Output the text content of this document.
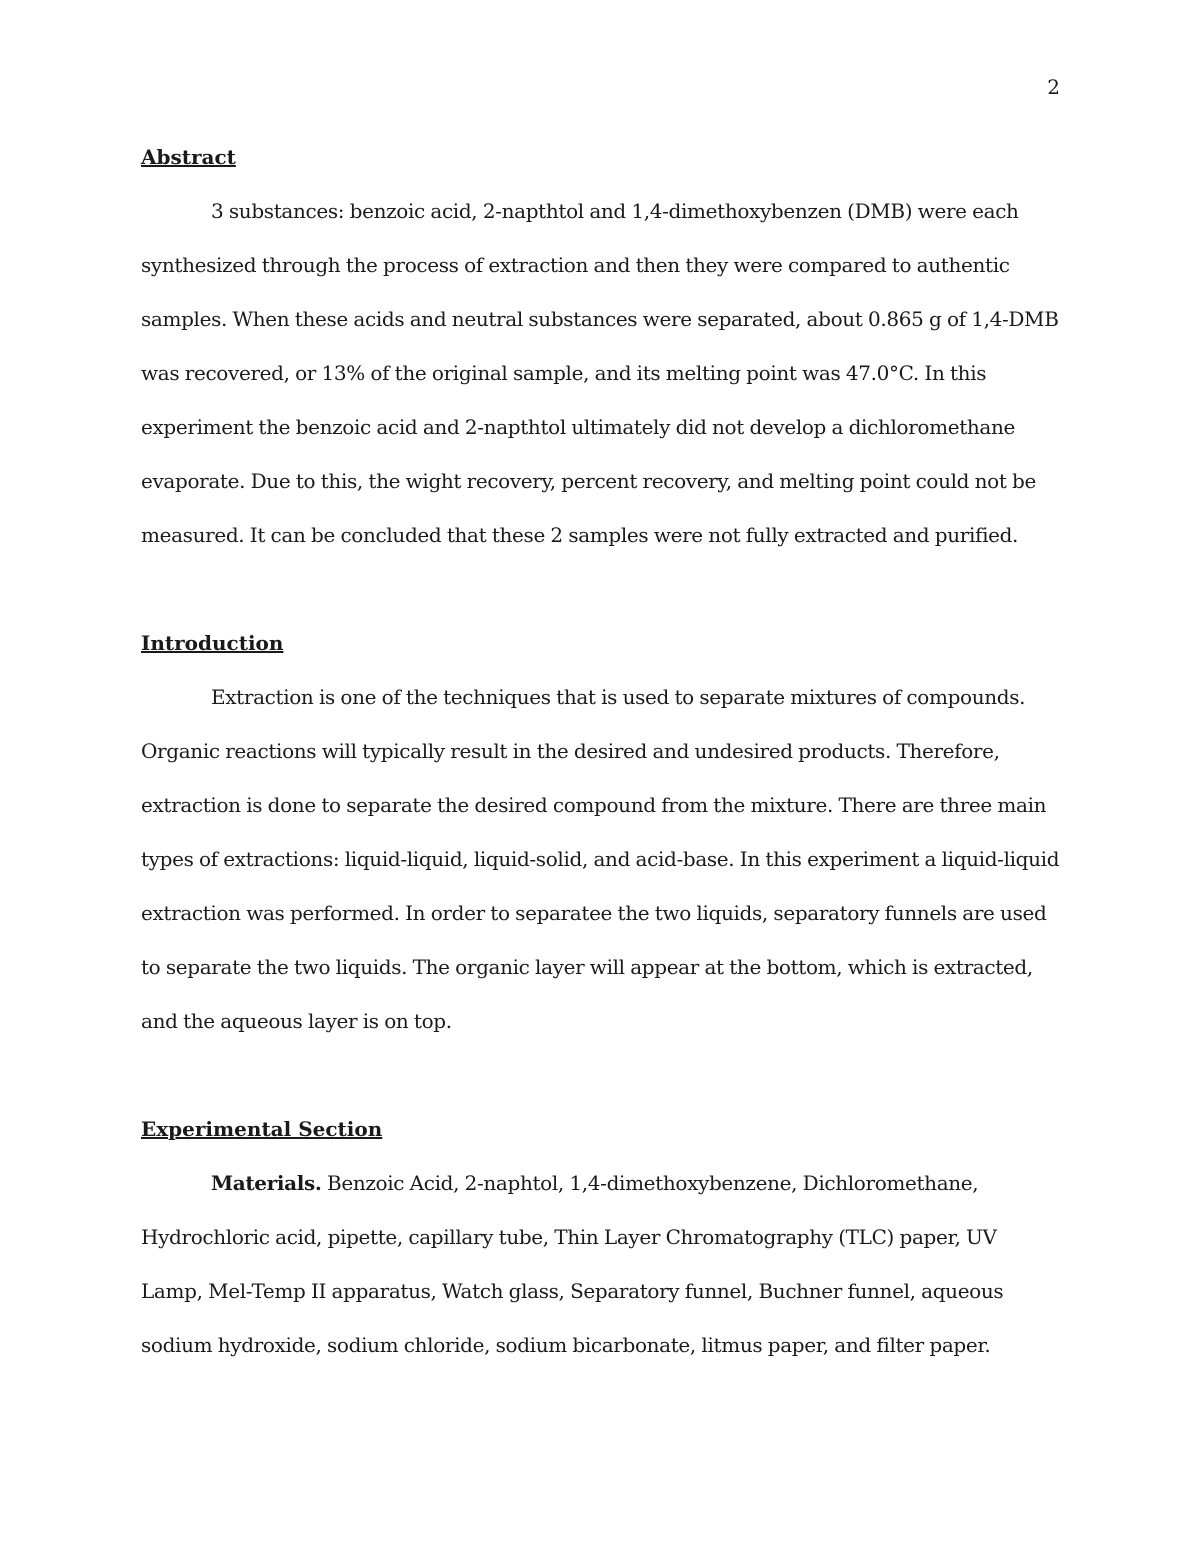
2
Abstract

3 substances: benzoic acid, 2-napthtol and 1,4-dimethoxybenzen (DMB) were each synthesized through the process of extraction and then they were compared to authentic samples. When these acids and neutral substances were separated, about 0.865 g of 1,4-DMB was recovered, or 13% of the original sample, and its melting point was 47.0°C. In this experiment the benzoic acid and 2-napthtol ultimately did not develop a dichloromethane evaporate. Due to this, the wight recovery, percent recovery, and melting point could not be measured. It can be concluded that these 2 samples were not fully extracted and purified.

Introduction

Extraction is one of the techniques that is used to separate mixtures of compounds. Organic reactions will typically result in the desired and undesired products. Therefore, extraction is done to separate the desired compound from the mixture. There are three main types of extractions: liquid-liquid, liquid-solid, and acid-base. In this experiment a liquid-liquid extraction was performed. In order to separatee the two liquids, separatory funnels are used to separate the two liquids. The organic layer will appear at the bottom, which is extracted, and the aqueous layer is on top.

Experimental Section

Materials. Benzoic Acid, 2-naphtol, 1,4-dimethoxybenzene, Dichloromethane, Hydrochloric acid, pipette, capillary tube, Thin Layer Chromatography (TLC) paper, UV Lamp, Mel-Temp II apparatus, Watch glass, Separatory funnel, Buchner funnel, aqueous sodium hydroxide, sodium chloride, sodium bicarbonate, litmus paper, and filter paper.
